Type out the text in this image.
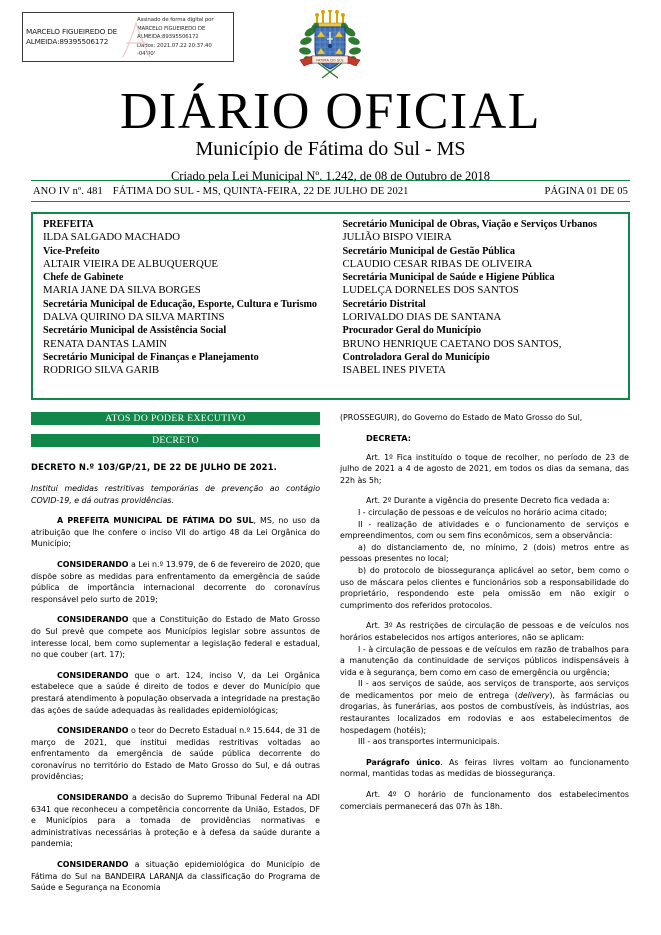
MARCELO FIGUEIREDO DE
ALMEIDA:89395506172
Assinado de forma digital por
MARCELO FIGUEIREDO DE
ALMEIDA:89395506172
Dados: 2021.07.22 20:37:40 -04'00'
FATIMA DO SUL
DIÁRIO OFICIAL
Município de Fátima do Sul - MS
Criado pela Lei Municipal Nº. 1.242, de 08 de Outubro de 2018
ANO IV nº. 481 FÁTIMA DO SUL - MS, QUINTA-FEIRA, 22 DE JULHO DE 2021	PÁGINA 01 DE 05
PREFEITA
ILDA SALGADO MACHADO
Vice-Prefeito
ALTAIR VIEIRA DE ALBUQUERQUE
Chefe de Gabinete
MARIA JANE DA SILVA BORGES
Secretária Municipal de Educação, Esporte, Cultura e Turismo
DALVA QUIRINO DA SILVA MARTINS
Secretário Municipal de Assistência Social
RENATA DANTAS LAMIN
Secretário Municipal de Finanças e Planejamento
RODRIGO SILVA GARIB
Secretário Municipal de Obras, Viação e Serviços Urbanos
JULIÃO BISPO VIEIRA
Secretário Municipal de Gestão Pública
CLAUDIO CESAR RIBAS DE OLIVEIRA
Secretária Municipal de Saúde e Higiene Pública
LUDELÇA DORNELES DOS SANTOS
Secretário Distrital
LORIVALDO DIAS DE SANTANA
Procurador Geral do Município
BRUNO HENRIQUE CAETANO DOS SANTOS,
Controladora Geral do Município
ISABEL INES PIVETA
ATOS DO PODER EXECUTIVO
DECRETO
DECRETO N.º 103/GP/21, DE 22 DE JULHO DE 2021.

Institui medidas restritivas temporárias de prevenção ao contágio COVID-19, e dá outras providências.

A PREFEITA MUNICIPAL DE FÁTIMA DO SUL, MS, no uso da atribuição que lhe confere o inciso VII do artigo 48 da Lei Orgânica do Município;

CONSIDERANDO a Lei n.º 13.979, de 6 de fevereiro de 2020, que dispõe sobre as medidas para enfrentamento da emergência de saúde pública de importância internacional decorrente do coronavírus responsável pelo surto de 2019;

CONSIDERANDO que a Constituição do Estado de Mato Grosso do Sul prevê que compete aos Municípios legislar sobre assuntos de interesse local, bem como suplementar a legislação federal e estadual, no que couber (art. 17);

CONSIDERANDO que o art. 124, inciso V, da Lei Orgânica estabelece que a saúde é direito de todos e dever do Município que prestará atendimento à população observada a integridade na prestação das ações de saúde adequadas às realidades epidemiológicas;

CONSIDERANDO o teor do Decreto Estadual n.º 15.644, de 31 de março de 2021, que institui medidas restritivas voltadas ao enfrentamento da emergência de saúde pública decorrente do coronavírus no território do Estado de Mato Grosso do Sul, e dá outras providências;

CONSIDERANDO a decisão do Supremo Tribunal Federal na ADI 6341 que reconheceu a competência concorrente da União, Estados, DF e Municípios para a tomada de providências normativas e administrativas necessárias à proteção e à defesa da saúde durante a pandemia;

CONSIDERANDO a situação epidemiológica do Município de Fátima do Sul na BANDEIRA LARANJA da classificação do Programa de Saúde e Segurança na Economia

(PROSSEGUIR), do Governo do Estado de Mato Grosso do Sul,

DECRETA:

Art. 1º Fica instituído o toque de recolher, no período de 23 de julho de 2021 a 4 de agosto de 2021, em todos os dias da semana, das 22h às 5h;

Art. 2º Durante a vigência do presente Decreto fica vedada a:

I - circulação de pessoas e de veículos no horário acima citado;

II - realização de atividades e o funcionamento de serviços e empreendimentos, com ou sem fins econômicos, sem a observância:

a) do distanciamento de, no mínimo, 2 (dois) metros entre as pessoas presentes no local;

b) do protocolo de biossegurança aplicável ao setor, bem como o uso de máscara pelos clientes e funcionários sob a responsabilidade do proprietário, respondendo este pela omissão em não exigir o cumprimento dos referidos protocolos.

Art. 3º As restrições de circulação de pessoas e de veículos nos horários estabelecidos nos artigos anteriores, não se aplicam:

I - à circulação de pessoas e de veículos em razão de trabalhos para a manutenção da continuidade de serviços públicos indispensáveis à vida e à segurança, bem como em caso de emergência ou urgência;

II - aos serviços de saúde, aos serviços de transporte, aos serviços de medicamentos por meio de entrega (delivery), às farmácias ou drogarias, às funerárias, aos postos de combustíveis, às indústrias, aos restaurantes localizados em rodovias e aos estabelecimentos de hospedagem (hotéis);

III - aos transportes intermunicipais.

Parágrafo único. As feiras livres voltam ao funcionamento normal, mantidas todas as medidas de biossegurança.

Art. 4º O horário de funcionamento dos estabelecimentos comerciais permanecerá das 07h às 18h.
